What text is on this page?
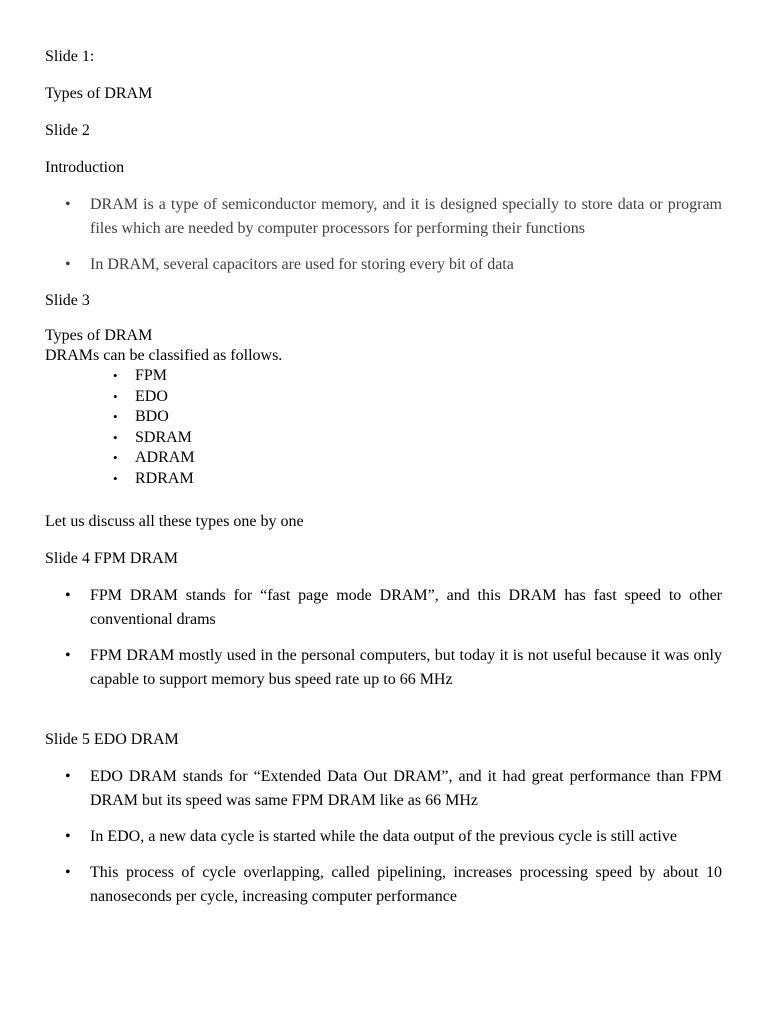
Slide 1:

Types of DRAM

Slide 2

Introduction

• DRAM is a type of semiconductor memory, and it is designed specially to store data or program files which are needed by computer processors for performing their functions
• In DRAM, several capacitors are used for storing every bit of data

Slide 3

Types of DRAM

DRAMs can be classified as follows.

• FPM
• EDO
• BDO
• SDRAM
• ADRAM
• RDRAM

Let us discuss all these types one by one

Slide 4 FPM DRAM

• FPM DRAM stands for “fast page mode DRAM”, and this DRAM has fast speed to other conventional drams
• FPM DRAM mostly used in the personal computers, but today it is not useful because it was only capable to support memory bus speed rate up to 66 MHz

Slide 5 EDO DRAM

• EDO DRAM stands for “Extended Data Out DRAM”, and it had great performance than FPM DRAM but its speed was same FPM DRAM like as 66 MHz
• In EDO, a new data cycle is started while the data output of the previous cycle is still active
• This process of cycle overlapping, called pipelining, increases processing speed by about 10 nanoseconds per cycle, increasing computer performance
